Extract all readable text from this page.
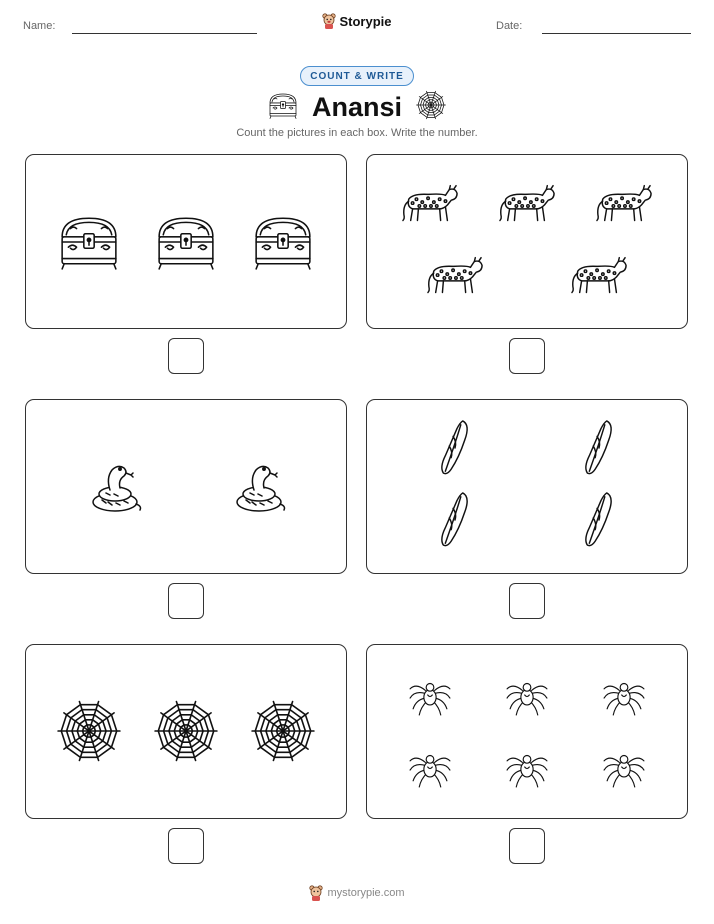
Name:	Storypie	Date:
COUNT & WRITE
Anansi
Count the pictures in each box. Write the number.
mystorypie.com
